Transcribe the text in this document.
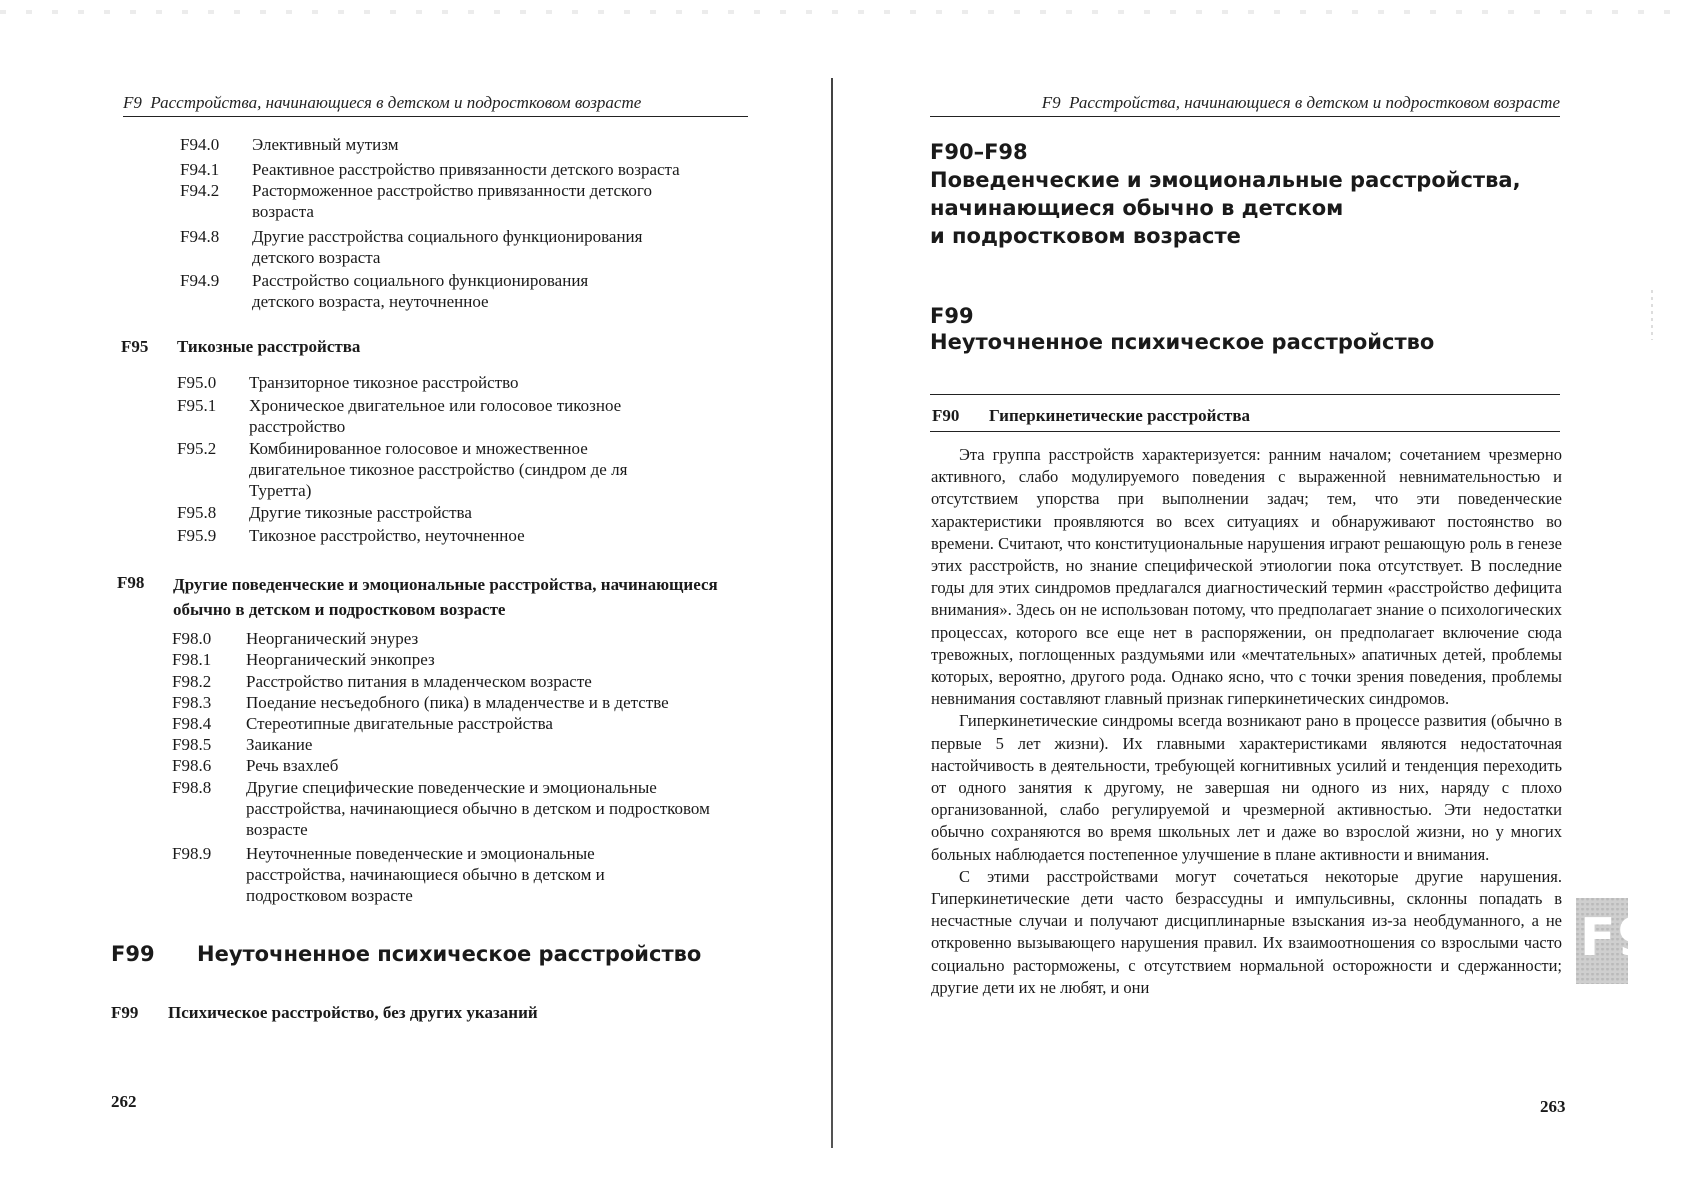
F9 Расстройства, начинающиеся в детском и подростковом возрасте
F94.0 Элективный мутизм
F94.1 Реактивное расстройство привязанности детского возраста
F94.2 Расторможенное расстройство привязанности детского возраста
F94.8 Другие расстройства социального функционирования детского возраста
F94.9 Расстройство социального функционирования детского возраста, неуточненное
F95 Тикозные расстройства
F95.0 Транзиторное тикозное расстройство
F95.1 Хроническое двигательное или голосовое тикозное расстройство
F95.2 Комбинированное голосовое и множественное двигательное тикозное расстройство (синдром де ля Туретта)
F95.8 Другие тикозные расстройства
F95.9 Тикозное расстройство, неуточненное
F98 Другие поведенческие и эмоциональные расстройства, начинающиеся обычно в детском и подростковом возрасте
F98.0 Неорганический энурез
F98.1 Неорганический энкопрез
F98.2 Расстройство питания в младенческом возрасте
F98.3 Поедание несъедобного (пика) в младенчестве и в детстве
F98.4 Стереотипные двигательные расстройства
F98.5 Заикание
F98.6 Речь взахлеб
F98.8 Другие специфические поведенческие и эмоциональные расстройства, начинающиеся обычно в детском и подростковом возрасте
F98.9 Неуточненные поведенческие и эмоциональные расстройства, начинающиеся обычно в детском и подростковом возрасте
F99 Неуточненное психическое расстройство
F99 Психическое расстройство, без других указаний
262
F9 Расстройства, начинающиеся в детском и подростковом возрасте
F90–F98
Поведенческие и эмоциональные расстройства,
начинающиеся обычно в детском
и подростковом возрасте
F99
Неуточненное психическое расстройство
F90 Гиперкинетические расстройства

Эта группа расстройств характеризуется: ранним началом; сочетанием чрезмерно активного, слабо модулируемого поведения с выраженной невнимательностью и отсутствием упорства при выполнении задач; тем, что эти поведенческие характеристики проявляются во всех ситуациях и обнаруживают постоянство во времени. Считают, что конституциональные нарушения играют решающую роль в генезе этих расстройств, но знание специфической этиологии пока отсутствует. В последние годы для этих синдромов предлагался диагностический термин «расстройство дефицита внимания». Здесь он не использован потому, что предполагает знание о психологических процессах, которого все еще нет в распоряжении, он предполагает включение сюда тревожных, поглощенных раздумьями или «мечтательных» апатичных детей, проблемы которых, вероятно, другого рода. Однако ясно, что с точки зрения поведения, проблемы невнимания составляют главный признак гиперкинетических синдромов.

Гиперкинетические синдромы всегда возникают рано в процессе развития (обычно в первые 5 лет жизни). Их главными характеристиками являются недостаточная настойчивость в деятельности, требующей когнитивных усилий и тенденция переходить от одного занятия к другому, не завершая ни одного из них, наряду с плохо организованной, слабо регулируемой и чрезмерной активностью. Эти недостатки обычно сохраняются во время школьных лет и даже во взрослой жизни, но у многих больных наблюдается постепенное улучшение в плане активности и внимания.

С этими расстройствами могут сочетаться некоторые другие нарушения. Гиперкинетические дети часто безрассудны и импульсивны, склонны попадать в несчастные случаи и получают дисциплинарные взыскания из-за необдуманного, а не откровенно вызывающего нарушения правил. Их взаимоотношения со взрослыми часто социально расторможены, с отсутствием нормальной осторожности и сдержанности; другие дети их не любят, и они

F9
263
